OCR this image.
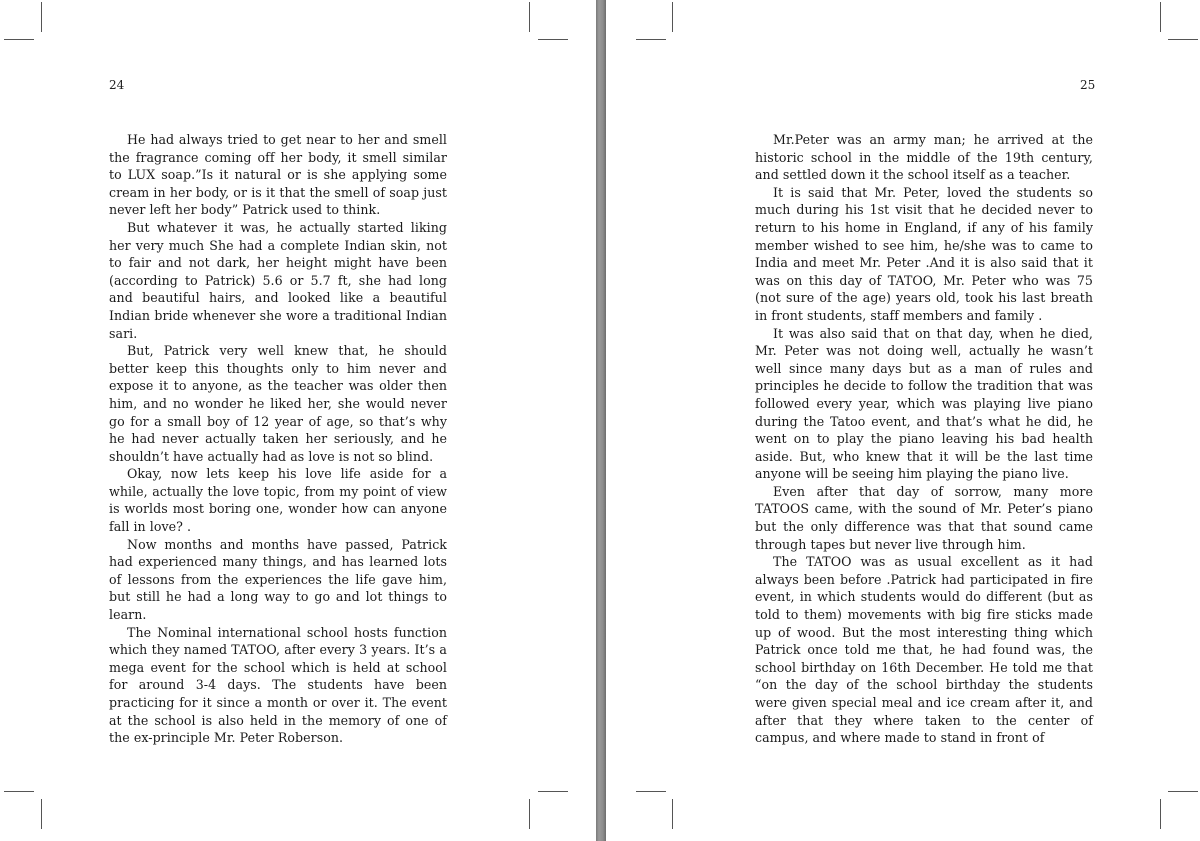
24

He had always tried to get near to her and smell the fragrance coming off her body, it smell similar to LUX soap.”Is it natural or is she applying some cream in her body, or is it that the smell of soap just never left her body” Patrick used to think.

But whatever it was, he actually started liking her very much She had a complete Indian skin, not to fair and not dark, her height might have been (according to Patrick) 5.6 or 5.7 ft, she had long and beautiful hairs, and looked like a beautiful Indian bride whenever she wore a traditional Indian sari.

But, Patrick very well knew that, he should better keep this thoughts only to him never and expose it to anyone, as the teacher was older then him, and no wonder he liked her, she would never go for a small boy of 12 year of age, so that’s why he had never actually taken her seriously, and he shouldn’t have actually had as love is not so blind.

Okay, now lets keep his love life aside for a while, actually the love topic, from my point of view is worlds most boring one, wonder how can anyone fall in love? .

Now months and months have passed, Patrick had experienced many things, and has learned lots of lessons from the experiences the life gave him, but still he had a long way to go and lot things to learn.

The Nominal international school hosts function which they named TATOO, after every 3 years. It’s a mega event for the school which is held at school for around 3-4 days. The students have been practicing for it since a month or over it. The event at the school is also held in the memory of one of the ex-principle Mr. Peter Roberson.

25

Mr.Peter was an army man; he arrived at the historic school in the middle of the 19th century, and settled down it the school itself as a teacher.

It is said that Mr. Peter, loved the students so much during his 1st visit that he decided never to return to his home in England, if any of his family member wished to see him, he/she was to came to India and meet Mr. Peter .And it is also said that it was on this day of TATOO, Mr. Peter who was 75 (not sure of the age) years old, took his last breath in front students, staff members and family .

It was also said that on that day, when he died, Mr. Peter was not doing well, actually he wasn’t well since many days but as a man of rules and principles he decide to follow the tradition that was followed every year, which was playing live piano during the Tatoo event, and that’s what he did, he went on to play the piano leaving his bad health aside. But, who knew that it will be the last time anyone will be seeing him playing the piano live.

Even after that day of sorrow, many more TATOOS came, with the sound of Mr. Peter’s piano but the only difference was that that sound came through tapes but never live through him.

The TATOO was as usual excellent as it had always been before .Patrick had participated in fire event, in which students would do different (but as told to them) movements with big fire sticks made up of wood. But the most interesting thing which Patrick once told me that, he had found was, the school birthday on 16th December. He told me that “on the day of the school birthday the students were given special meal and ice cream after it, and after that they where taken to the center of campus, and where made to stand in front of
